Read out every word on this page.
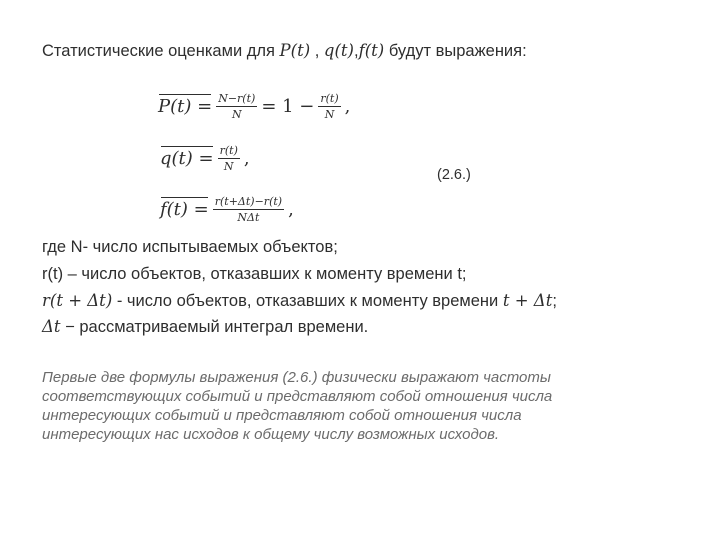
Статистические оценками для P(t) , q(t),f(t) будут выражения:
$P(t) = \frac{N-r(t)}{N} = 1 - \frac{r(t)}{N}$ ,
$q(t) = \frac{r(t)}{N}$ ,
(2.6.)
$f(t) = \frac{r(t+\Delta t)-r(t)}{\text{NΔt}}$ ,
где N- число испытываемых объектов;
r(t) – число объектов, отказавших к моменту времени t;
r(t + Δt) - число объектов, отказавших к моменту времени t + Δt;
Δt − рассматриваемый интеграл времени.
Первые две формулы выражения (2.6.) физически выражают частоты
соответствующих событий и представляют собой отношения числа
интересующих событий и представляют собой отношения числа
интересующих нас исходов к общему числу возможных исходов.
